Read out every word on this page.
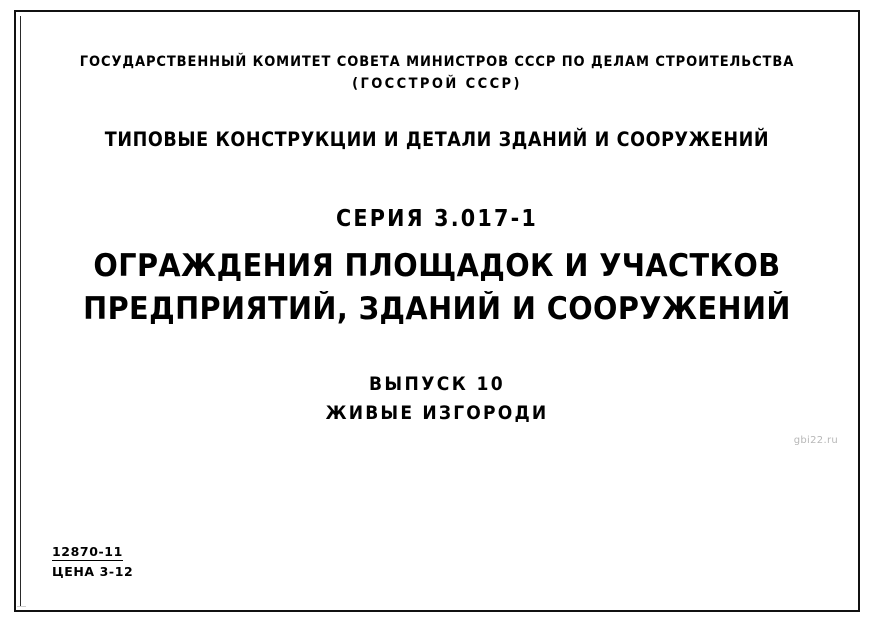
ГОСУДАРСТВЕННЫЙ КОМИТЕТ СОВЕТА МИНИСТРОВ СССР ПО ДЕЛАМ СТРОИТЕЛЬСТВА
(ГОССТРОЙ СССР)
ТИПОВЫЕ КОНСТРУКЦИИ И ДЕТАЛИ ЗДАНИЙ И СООРУЖЕНИЙ
СЕРИЯ 3.017-1
ОГРАЖДЕНИЯ ПЛОЩАДОК И УЧАСТКОВ
ПРЕДПРИЯТИЙ, ЗДАНИЙ И СООРУЖЕНИЙ
ВЫПУСК 10
ЖИВЫЕ ИЗГОРОДИ
gbi22.ru
12870-11
ЦЕНА 3-12
